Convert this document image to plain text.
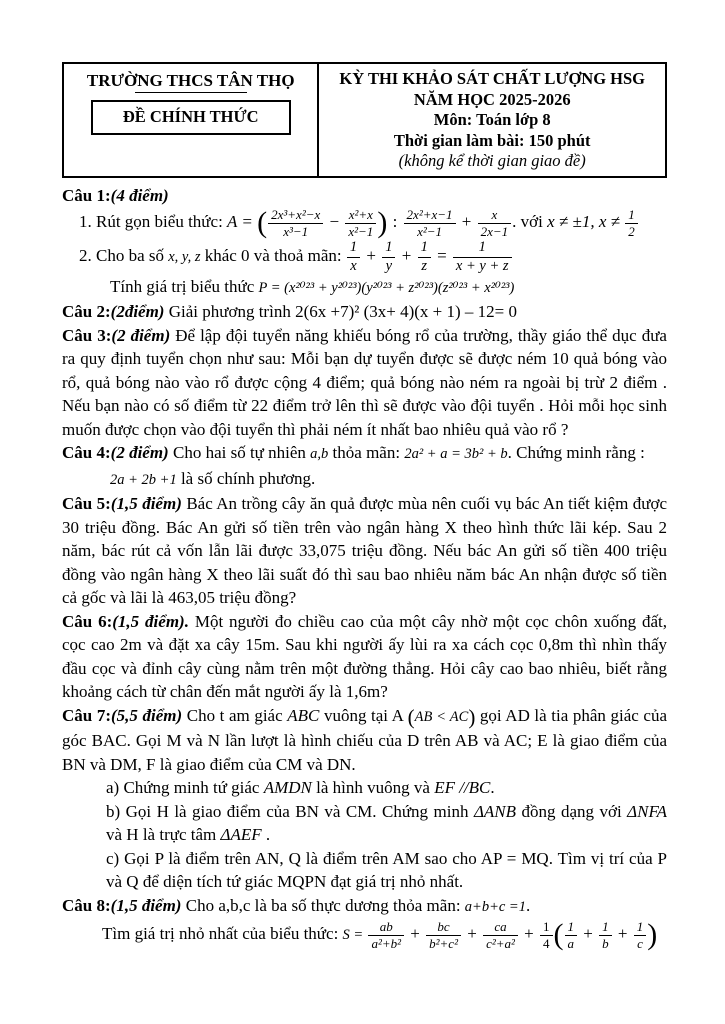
TRƯỜNG THCS TÂN THỌ
ĐỀ CHÍNH THỨC
KỲ THI KHẢO SÁT CHẤT LƯỢNG HSG
NĂM HỌC 2025-2026
Môn: Toán lớp 8
Thời gian làm bài: 150 phút
(không kể thời gian giao đề)
Câu 1:(4 điểm)
1. Rút gọn biểu thức: A = ( $\frac{\text{2x³+x²−x}}{\text{x³−1}} - \frac{\text{x²+x}}{\text{x²−1}}$ ) : $\frac{\text{2x²+x−1}}{\text{x²−1}} + \frac{x}{2x-1}$ . với x ≠ ±1, $x \ne \frac{1}{2}$
2. Cho ba số x, y, z khác 0 và thoả mãn: $\frac{1}{x} + \frac{1}{y} + \frac{1}{z} = \frac{1}{x + y + z}$
Tính giá trị biểu thức P = (x²⁰²³ + y²⁰²³)(y²⁰²³ + z²⁰²³)(z²⁰²³ + x²⁰²³)
Câu 2:(2điểm) Giải phương trình 2(6x +7)² (3x+ 4)(x + 1) – 12= 0
Câu 3:(2 điểm) Để lập đội tuyển năng khiếu bóng rổ của trường, thầy giáo thể dục đưa ra quy định tuyển chọn như sau: Mỗi bạn dự tuyển được sẽ được ném 10 quả bóng vào rổ, quả bóng nào vào rổ được cộng 4 điểm; quả bóng nào ném ra ngoài bị trừ 2 điểm . Nếu bạn nào có số điểm từ 22 điểm trở lên thì sẽ được vào đội tuyển . Hỏi mỗi học sinh muốn được chọn vào đội tuyển thì phải ném ít nhất bao nhiêu quả vào rổ ?
Câu 4:(2 điểm) Cho hai số tự nhiên a,b thỏa mãn: 2a² + a = 3b² + b. Chứng minh rằng :
2a + 2b +1 là số chính phương.
Câu 5:(1,5 điểm) Bác An trồng cây ăn quả được mùa nên cuối vụ bác An tiết kiệm được 30 triệu đồng. Bác An gửi số tiền trên vào ngân hàng X theo hình thức lãi kép. Sau 2 năm, bác rút cả vốn lẫn lãi được 33,075 triệu đồng. Nếu bác An gửi số tiền 400 triệu đồng vào ngân hàng X theo lãi suất đó thì sau bao nhiêu năm bác An nhận được số tiền cả gốc và lãi là 463,05 triệu đồng?
Câu 6:(1,5 điểm). Một người đo chiều cao của một cây nhờ một cọc chôn xuống đất, cọc cao 2m và đặt xa cây 15m. Sau khi người ấy lùi ra xa cách cọc 0,8m thì nhìn thấy đầu cọc và đỉnh cây cùng nằm trên một đường thẳng. Hỏi cây cao bao nhiêu, biết rằng khoảng cách từ chân đến mắt người ấy là 1,6m?
Câu 7:(5,5 điểm) Cho t am giác ABC vuông tại A (AB < AC) gọi AD là tia phân giác của góc BAC. Gọi M và N lần lượt là hình chiếu của D trên AB và AC; E là giao điểm của BN và DM, F là giao điểm của CM và DN.
a) Chứng minh tứ giác AMDN là hình vuông và EF //BC.
b) Gọi H là giao điểm của BN và CM. Chứng minh ΔANB đồng dạng với ΔNFA và H là trực tâm ΔAEF .
c) Gọi P là điểm trên AN, Q là điểm trên AM sao cho AP = MQ. Tìm vị trí của P và Q để diện tích tứ giác MQPN đạt giá trị nhỏ nhất.
Câu 8:(1,5 điểm) Cho a,b,c là ba số thực dương thỏa mãn: a+b+c =1.
Tìm giá trị nhỏ nhất của biểu thức: $S = \frac{ab}{\text{a²+b²}} + \frac{bc}{\text{b²+c²}} + \frac{ca}{\text{c²+a²}} + \frac{1}{4}$ ( $\frac{1}{a} + \frac{1}{b} + \frac{1}{c}$ )
